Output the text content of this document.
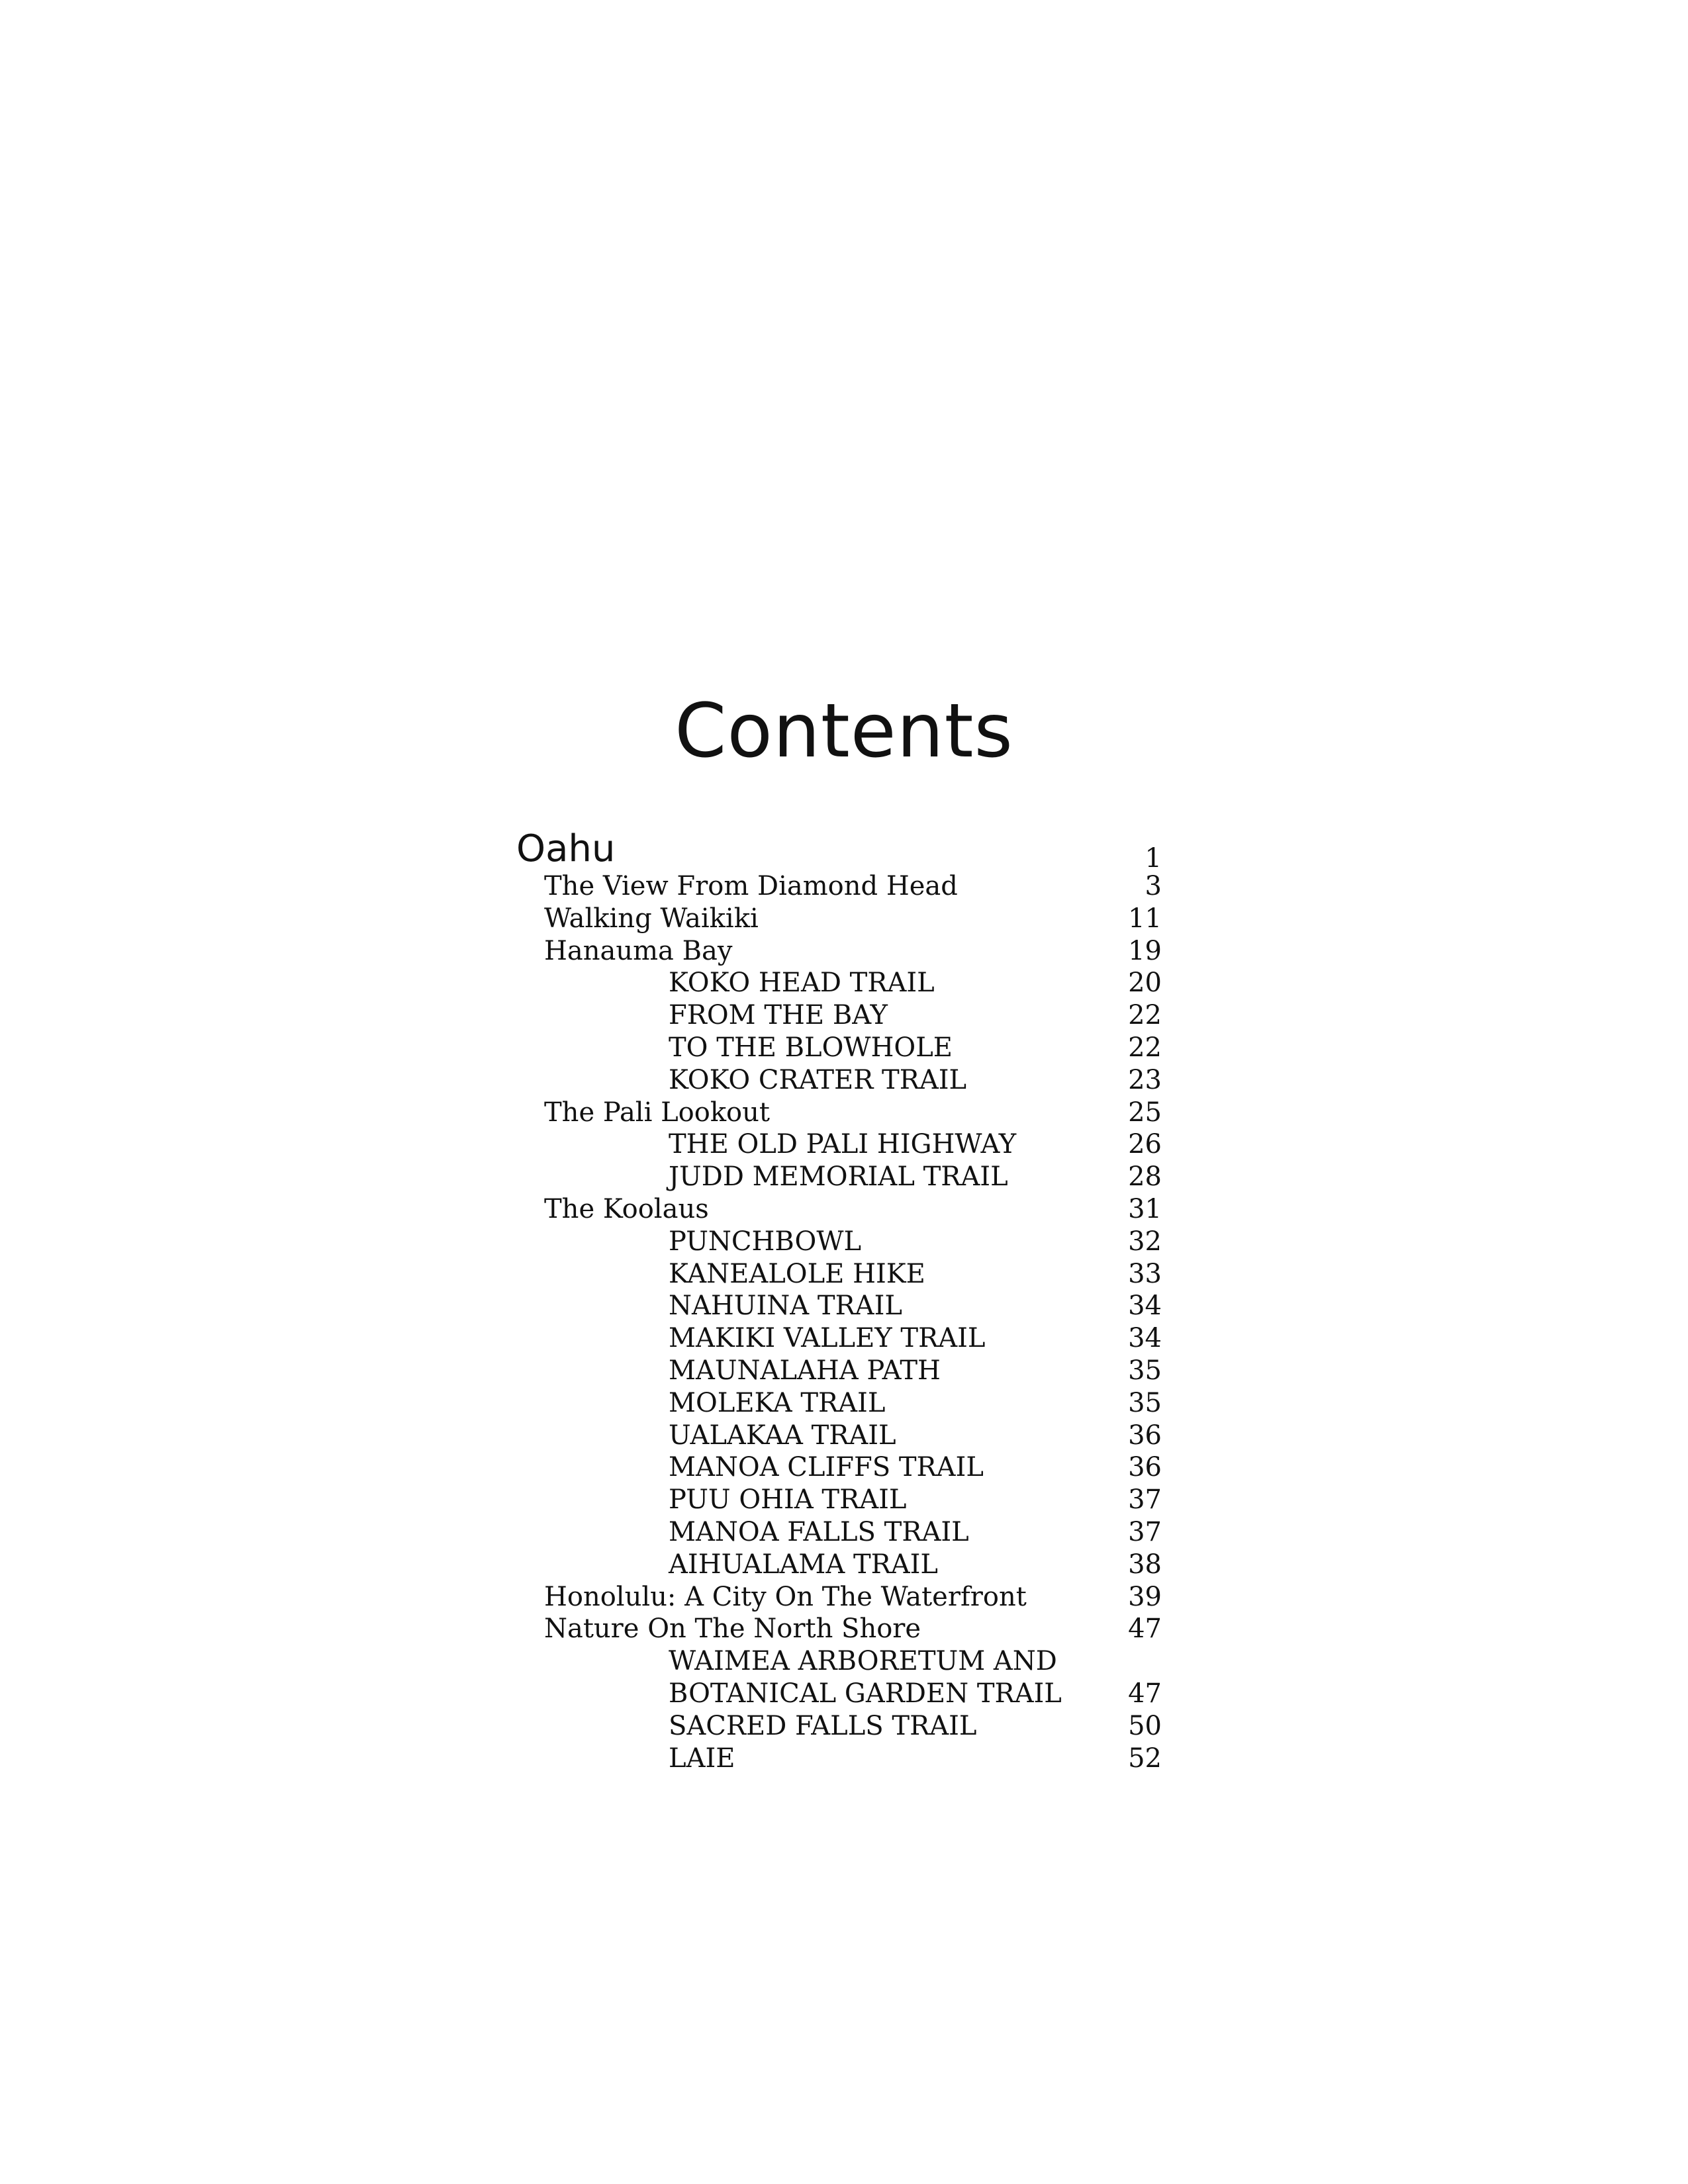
Contents
Oahu	1
The View From Diamond Head	3
Walking Waikiki	11
Hanauma Bay	19
KOKO HEAD TRAIL	20
FROM THE BAY	22
TO THE BLOWHOLE	22
KOKO CRATER TRAIL	23
The Pali Lookout	25
THE OLD PALI HIGHWAY	26
JUDD MEMORIAL TRAIL	28
The Koolaus	31
PUNCHBOWL	32
KANEALOLE HIKE	33
NAHUINA TRAIL	34
MAKIKI VALLEY TRAIL	34
MAUNALAHA PATH	35
MOLEKA TRAIL	35
UALAKAA TRAIL	36
MANOA CLIFFS TRAIL	36
PUU OHIA TRAIL	37
MANOA FALLS TRAIL	37
AIHUALAMA TRAIL	38
Honolulu: A City On The Waterfront	39
Nature On The North Shore	47
WAIMEA ARBORETUM AND
BOTANICAL GARDEN TRAIL	47
SACRED FALLS TRAIL	50
LAIE	52
